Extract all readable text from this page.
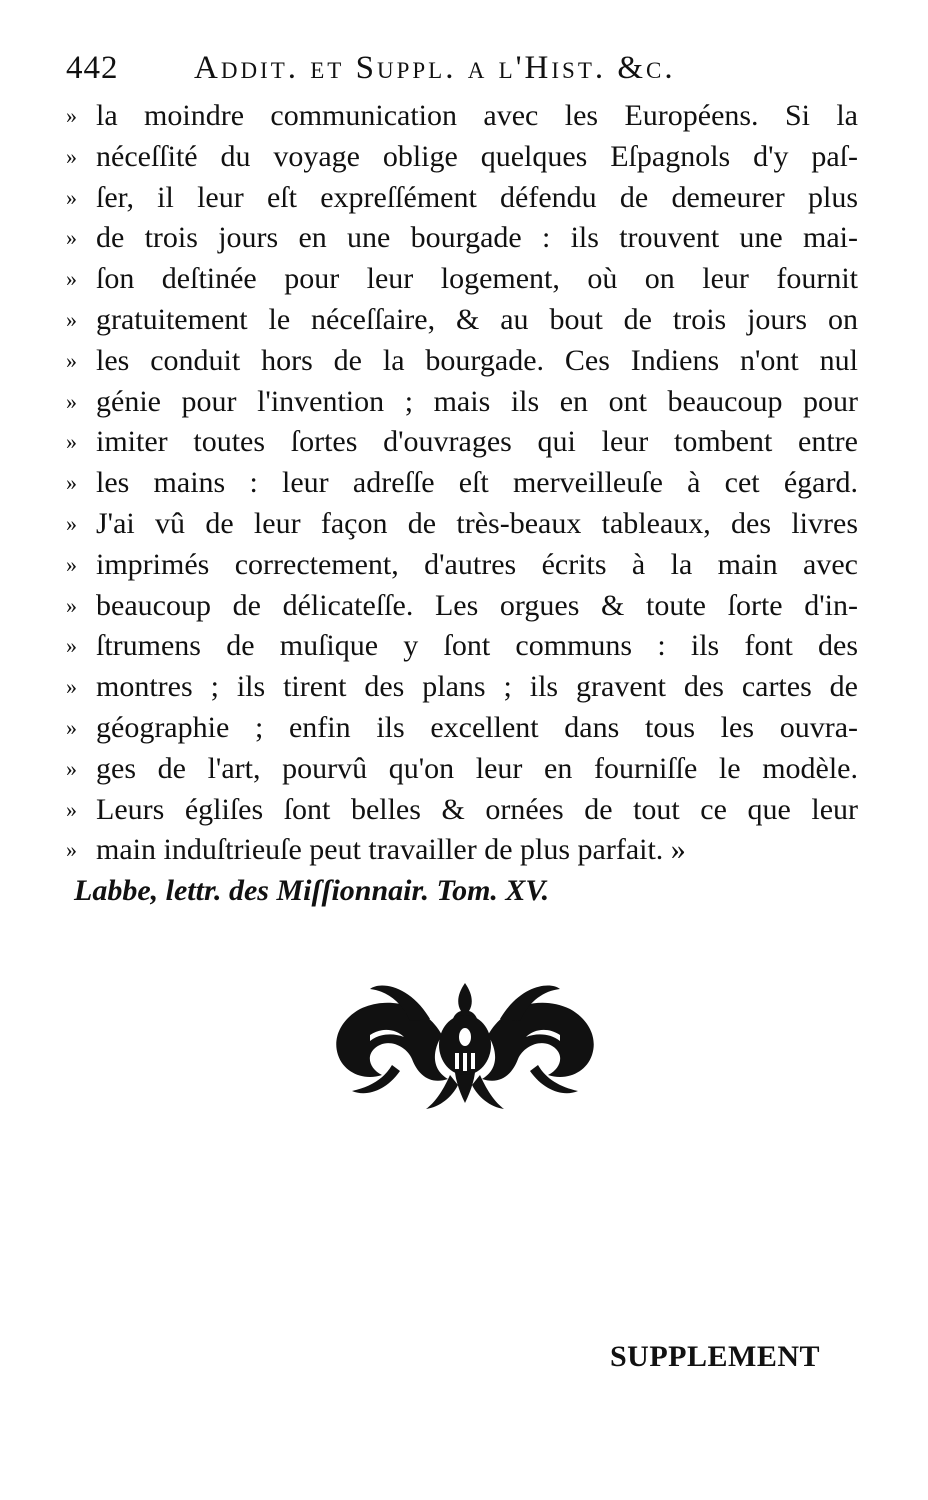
442 Addit. et Suppl. a l'Hist. &c.
» la moindre communication avec les Européens. Si la
» néceſſité du voyage oblige quelques Eſpagnols d'y paſ-
» ſer, il leur eſt expreſſément défendu de demeurer plus
» de trois jours en une bourgade : ils trouvent une mai-
» ſon deſtinée pour leur logement, où on leur fournit
» gratuitement le néceſſaire, & au bout de trois jours on
» les conduit hors de la bourgade. Ces Indiens n'ont nul
» génie pour l'invention ; mais ils en ont beaucoup pour
» imiter toutes ſortes d'ouvrages qui leur tombent entre
» les mains : leur adreſſe eſt merveilleuſe à cet égard.
» J'ai vû de leur façon de très-beaux tableaux, des livres
» imprimés correctement, d'autres écrits à la main avec
» beaucoup de délicateſſe. Les orgues & toute ſorte d'in-
» ſtrumens de muſique y ſont communs : ils font des
» montres ; ils tirent des plans ; ils gravent des cartes de
» géographie ; enfin ils excellent dans tous les ouvra-
» ges de l'art, pourvû qu'on leur en fourniſſe le modèle.
» Leurs égliſes ſont belles & ornées de tout ce que leur
» main induſtrieuſe peut travailler de plus parfait. »
Labbe, lettr. des Miſſionnair. Tom. XV.
SUPPLEMENT
